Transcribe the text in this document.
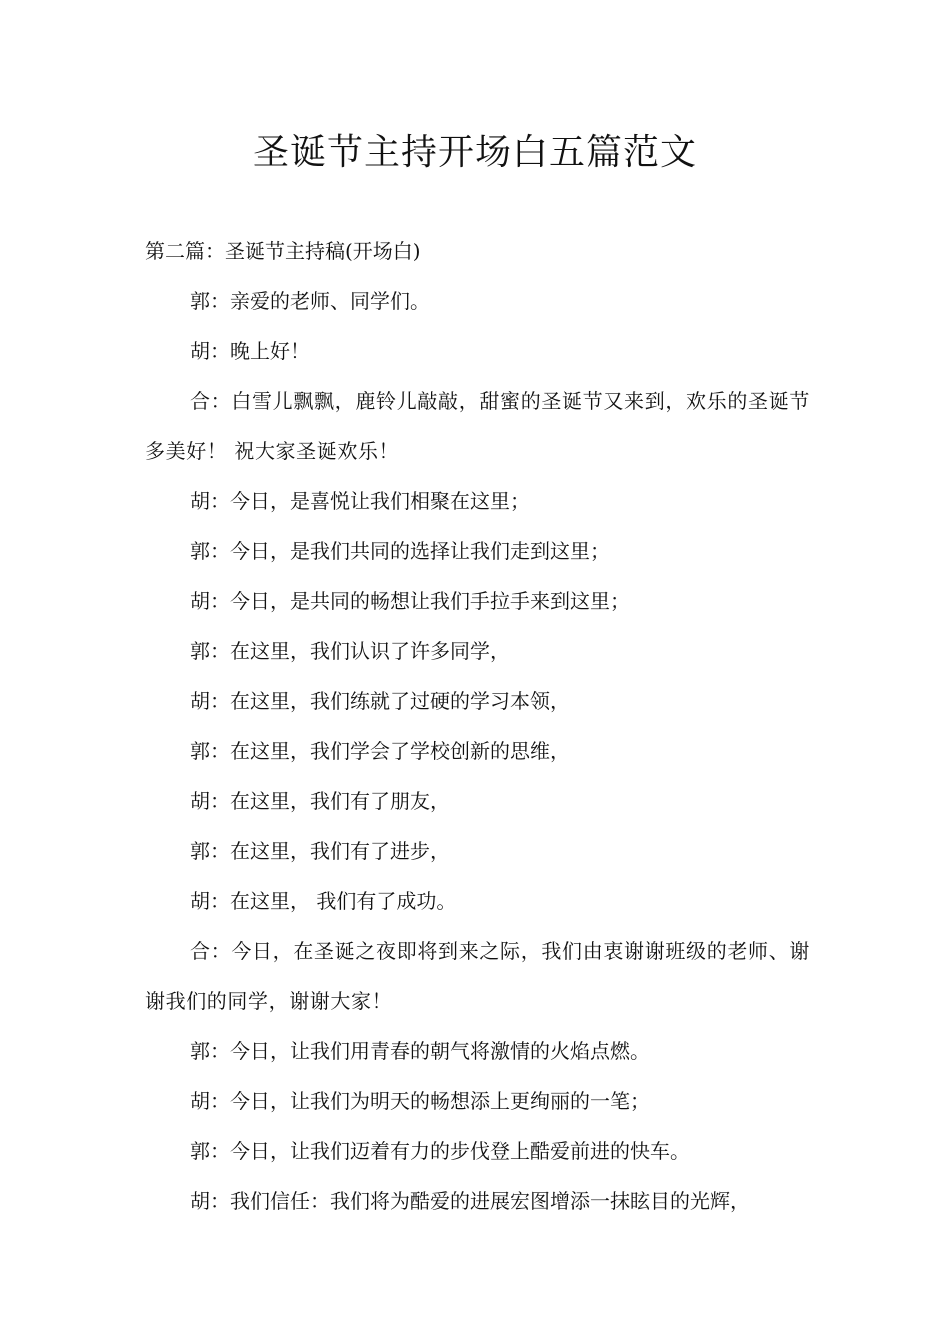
圣诞节主持开场白五篇范文

第二篇：圣诞节主持稿(开场白)

郭：亲爱的老师、同学们。

胡：晚上好！

合：白雪儿飘飘，鹿铃儿敲敲，甜蜜的圣诞节又来到，欢乐的圣诞节多美好！ 祝大家圣诞欢乐！

胡：今日，是喜悦让我们相聚在这里；

郭：今日，是我们共同的选择让我们走到这里；

胡：今日，是共同的畅想让我们手拉手来到这里；

郭：在这里，我们认识了许多同学，

胡：在这里，我们练就了过硬的学习本领，

郭：在这里，我们学会了学校创新的思维，

胡：在这里，我们有了朋友，

郭：在这里，我们有了进步，

胡：在这里， 我们有了成功。

合：今日，在圣诞之夜即将到来之际，我们由衷谢谢班级的老师、谢谢我们的同学，谢谢大家！

郭：今日，让我们用青春的朝气将激情的火焰点燃。

胡：今日，让我们为明天的畅想添上更绚丽的一笔；

郭：今日，让我们迈着有力的步伐登上酷爱前进的快车。

胡：我们信任：我们将为酷爱的进展宏图增添一抹眩目的光辉，
